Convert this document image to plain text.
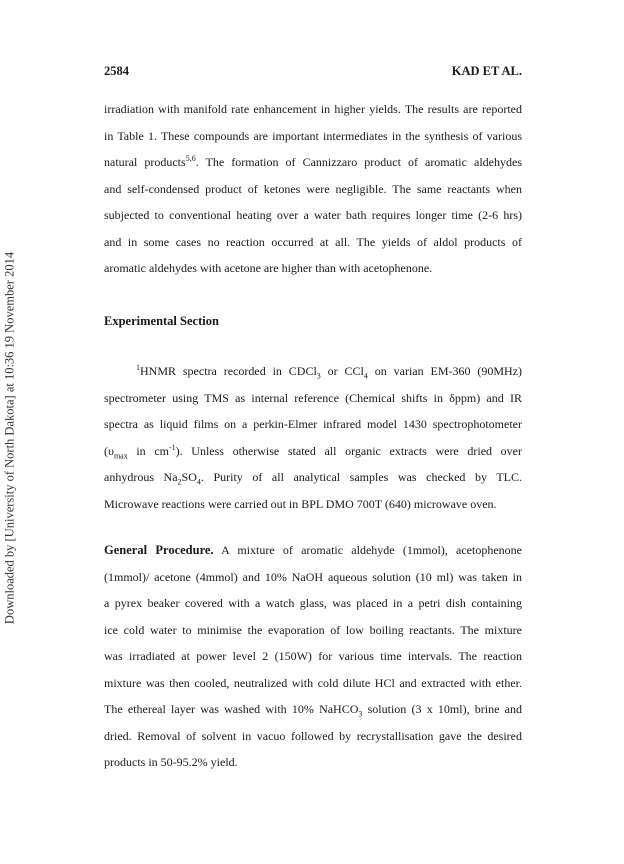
Downloaded by [University of North Dakota] at 10:36 19 November 2014
2584	KAD ET AL.

irradiation with manifold rate enhancement in higher yields. The results are reported
in Table 1. These compounds are important intermediates in the synthesis of various
natural products$^{5,6}$. The formation of Cannizzaro product of aromatic aldehydes
and self-condensed product of ketones were negligible. The same reactants when
subjected to conventional heating over a water bath requires longer time (2-6 hrs)
and in some cases no reaction occurred at all. The yields of aldol products of
aromatic aldehydes with acetone are higher than with acetophenone.

Experimental Section

$^1$HNMR spectra recorded in CDCl$_3$ or CCl$_4$ on varian EM-360 (90MHz)
spectrometer using TMS as internal reference (Chemical shifts in δppm) and IR
spectra as liquid films on a perkin-Elmer infrared model 1430 spectrophotometer
($\upsilon_{max}$ in $cm^{-1}$). Unless otherwise stated all organic extracts were dried over
anhydrous $Na_2SO_4$. Purity of all analytical samples was checked by TLC.
Microwave reactions were carried out in BPL DMO 700T (640) microwave oven.

General Procedure. A mixture of aromatic aldehyde (1mmol), acetophenone
(1mmol)/ acetone (4mmol) and 10% NaOH aqueous solution (10 ml) was taken in
a pyrex beaker covered with a watch glass, was placed in a petri dish containing
ice cold water to minimise the evaporation of low boiling reactants. The mixture
was irradiated at power level 2 (150W) for various time intervals. The reaction
mixture was then cooled, neutralized with cold dilute HCl and extracted with ether.
The ethereal layer was washed with 10% NaHCO$_3$ solution (3 x 10ml), brine and
dried. Removal of solvent in vacuo followed by recrystallisation gave the desired
products in 50-95.2% yield.
